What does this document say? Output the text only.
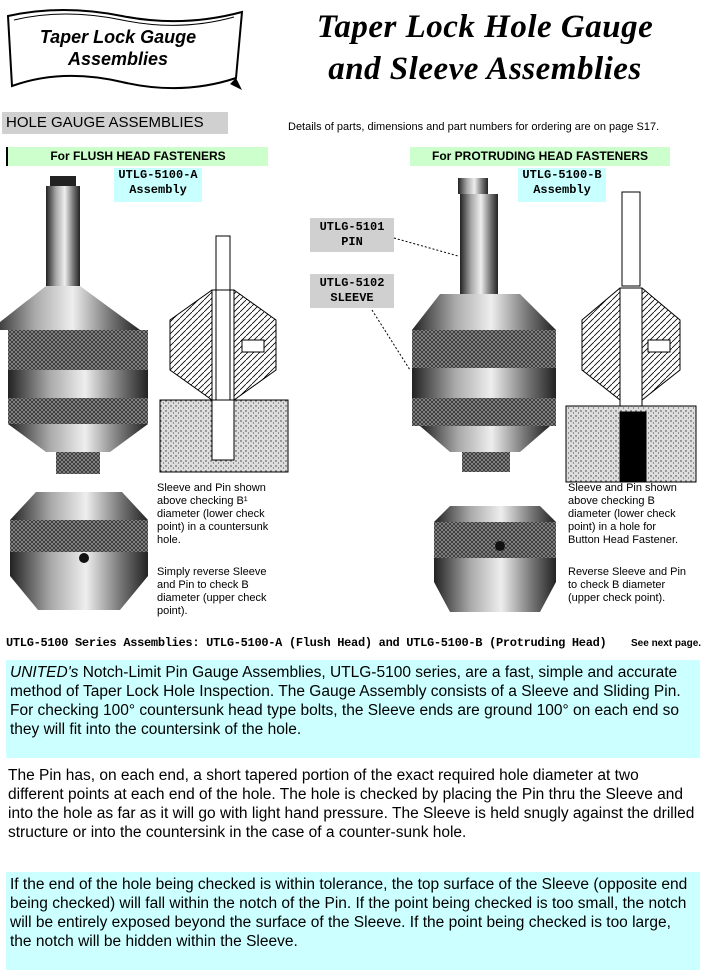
Taper Lock Gauge
Assemblies
Taper Lock Hole Gauge
and Sleeve Assemblies
HOLE GAUGE ASSEMBLIES	Details of parts, dimensions and part numbers for ordering are on page S17.
For FLUSH HEAD FASTENERS	For PROTRUDING HEAD FASTENERS
UTLG-5100-A
Assembly
UTLG-5100-B
Assembly
UTLG-5101
PIN
UTLG-5102
SLEEVE
Sleeve and Pin shown
above checking B¹
diameter (lower check
point) in a countersunk
hole.
Simply reverse Sleeve
and Pin to check B
diameter (upper check
point).
Sleeve and Pin shown
above checking B
diameter (lower check
point) in a hole for
Button Head Fastener.
Reverse Sleeve and Pin
to check B diameter
(upper check point).
UTLG-5100 Series Assemblies: UTLG-5100-A (Flush Head) and UTLG-5100-B (Protruding Head) See next page.
UNITED's Notch-Limit Pin Gauge Assemblies, UTLG-5100 series, are a fast, simple and accurate method of Taper Lock Hole Inspection. The Gauge Assembly consists of a Sleeve and Sliding Pin. For checking 100° countersunk head type bolts, the Sleeve ends are ground 100° on each end so they will fit into the countersink of the hole.
The Pin has, on each end, a short tapered portion of the exact required hole diameter at two different points at each end of the hole. The hole is checked by placing the Pin thru the Sleeve and into the hole as far as it will go with light hand pressure. The Sleeve is held snugly against the drilled structure or into the countersink in the case of a counter-sunk hole.
If the end of the hole being checked is within tolerance, the top surface of the Sleeve (opposite end being checked) will fall within the notch of the Pin. If the point being checked is too small, the notch will be entirely exposed beyond the surface of the Sleeve. If the point being checked is too large, the notch will be hidden within the Sleeve.
